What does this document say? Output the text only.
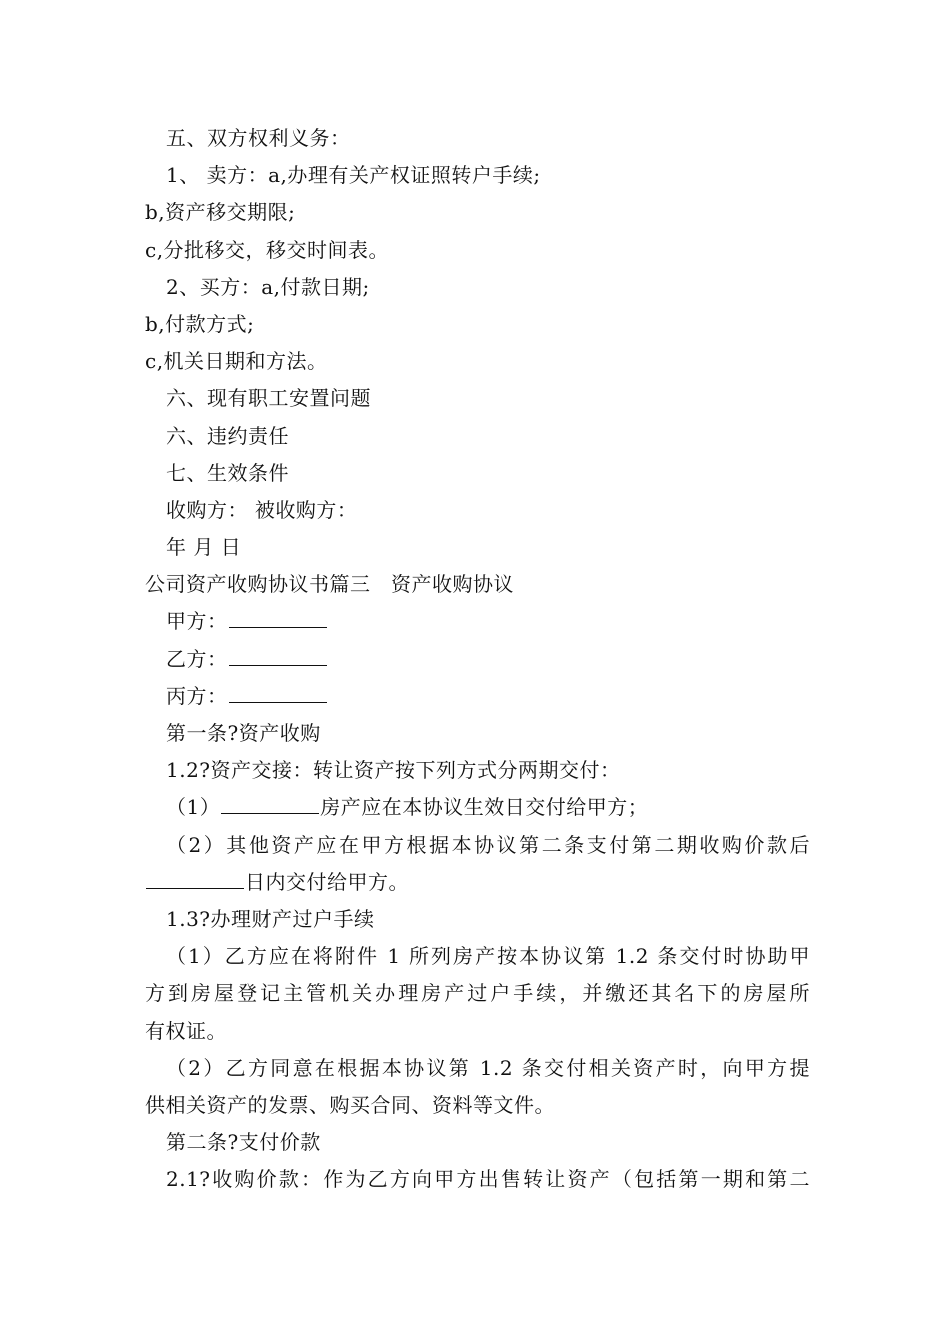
五、双方权利义务：
1、 卖方：a,办理有关产权证照转户手续;
b,资产移交期限;
c,分批移交，移交时间表。
2、买方：a,付款日期;
b,付款方式;
c,机关日期和方法。
六、现有职工安置问题
六、违约责任
七、生效条件
收购方： 被收购方：
年 月 日
公司资产收购协议书篇三　资产收购协议
甲方：
乙方：
丙方：
第一条?资产收购
1.2?资产交接：转让资产按下列方式分两期交付：
（1）	房产应在本协议生效日交付给甲方；
（2）其他资产应在甲方根据本协议第二条支付第二期收购价款后
日内交付给甲方。
1.3?办理财产过户手续
（1）乙方应在将附件 1 所列房产按本协议第 1.2 条交付时协助甲
方到房屋登记主管机关办理房产过户手续，并缴还其名下的房屋所
有权证。
（2）乙方同意在根据本协议第 1.2 条交付相关资产时，向甲方提
供相关资产的发票、购买合同、资料等文件。
第二条?支付价款
2.1?收购价款：作为乙方向甲方出售转让资产（包括第一期和第二
